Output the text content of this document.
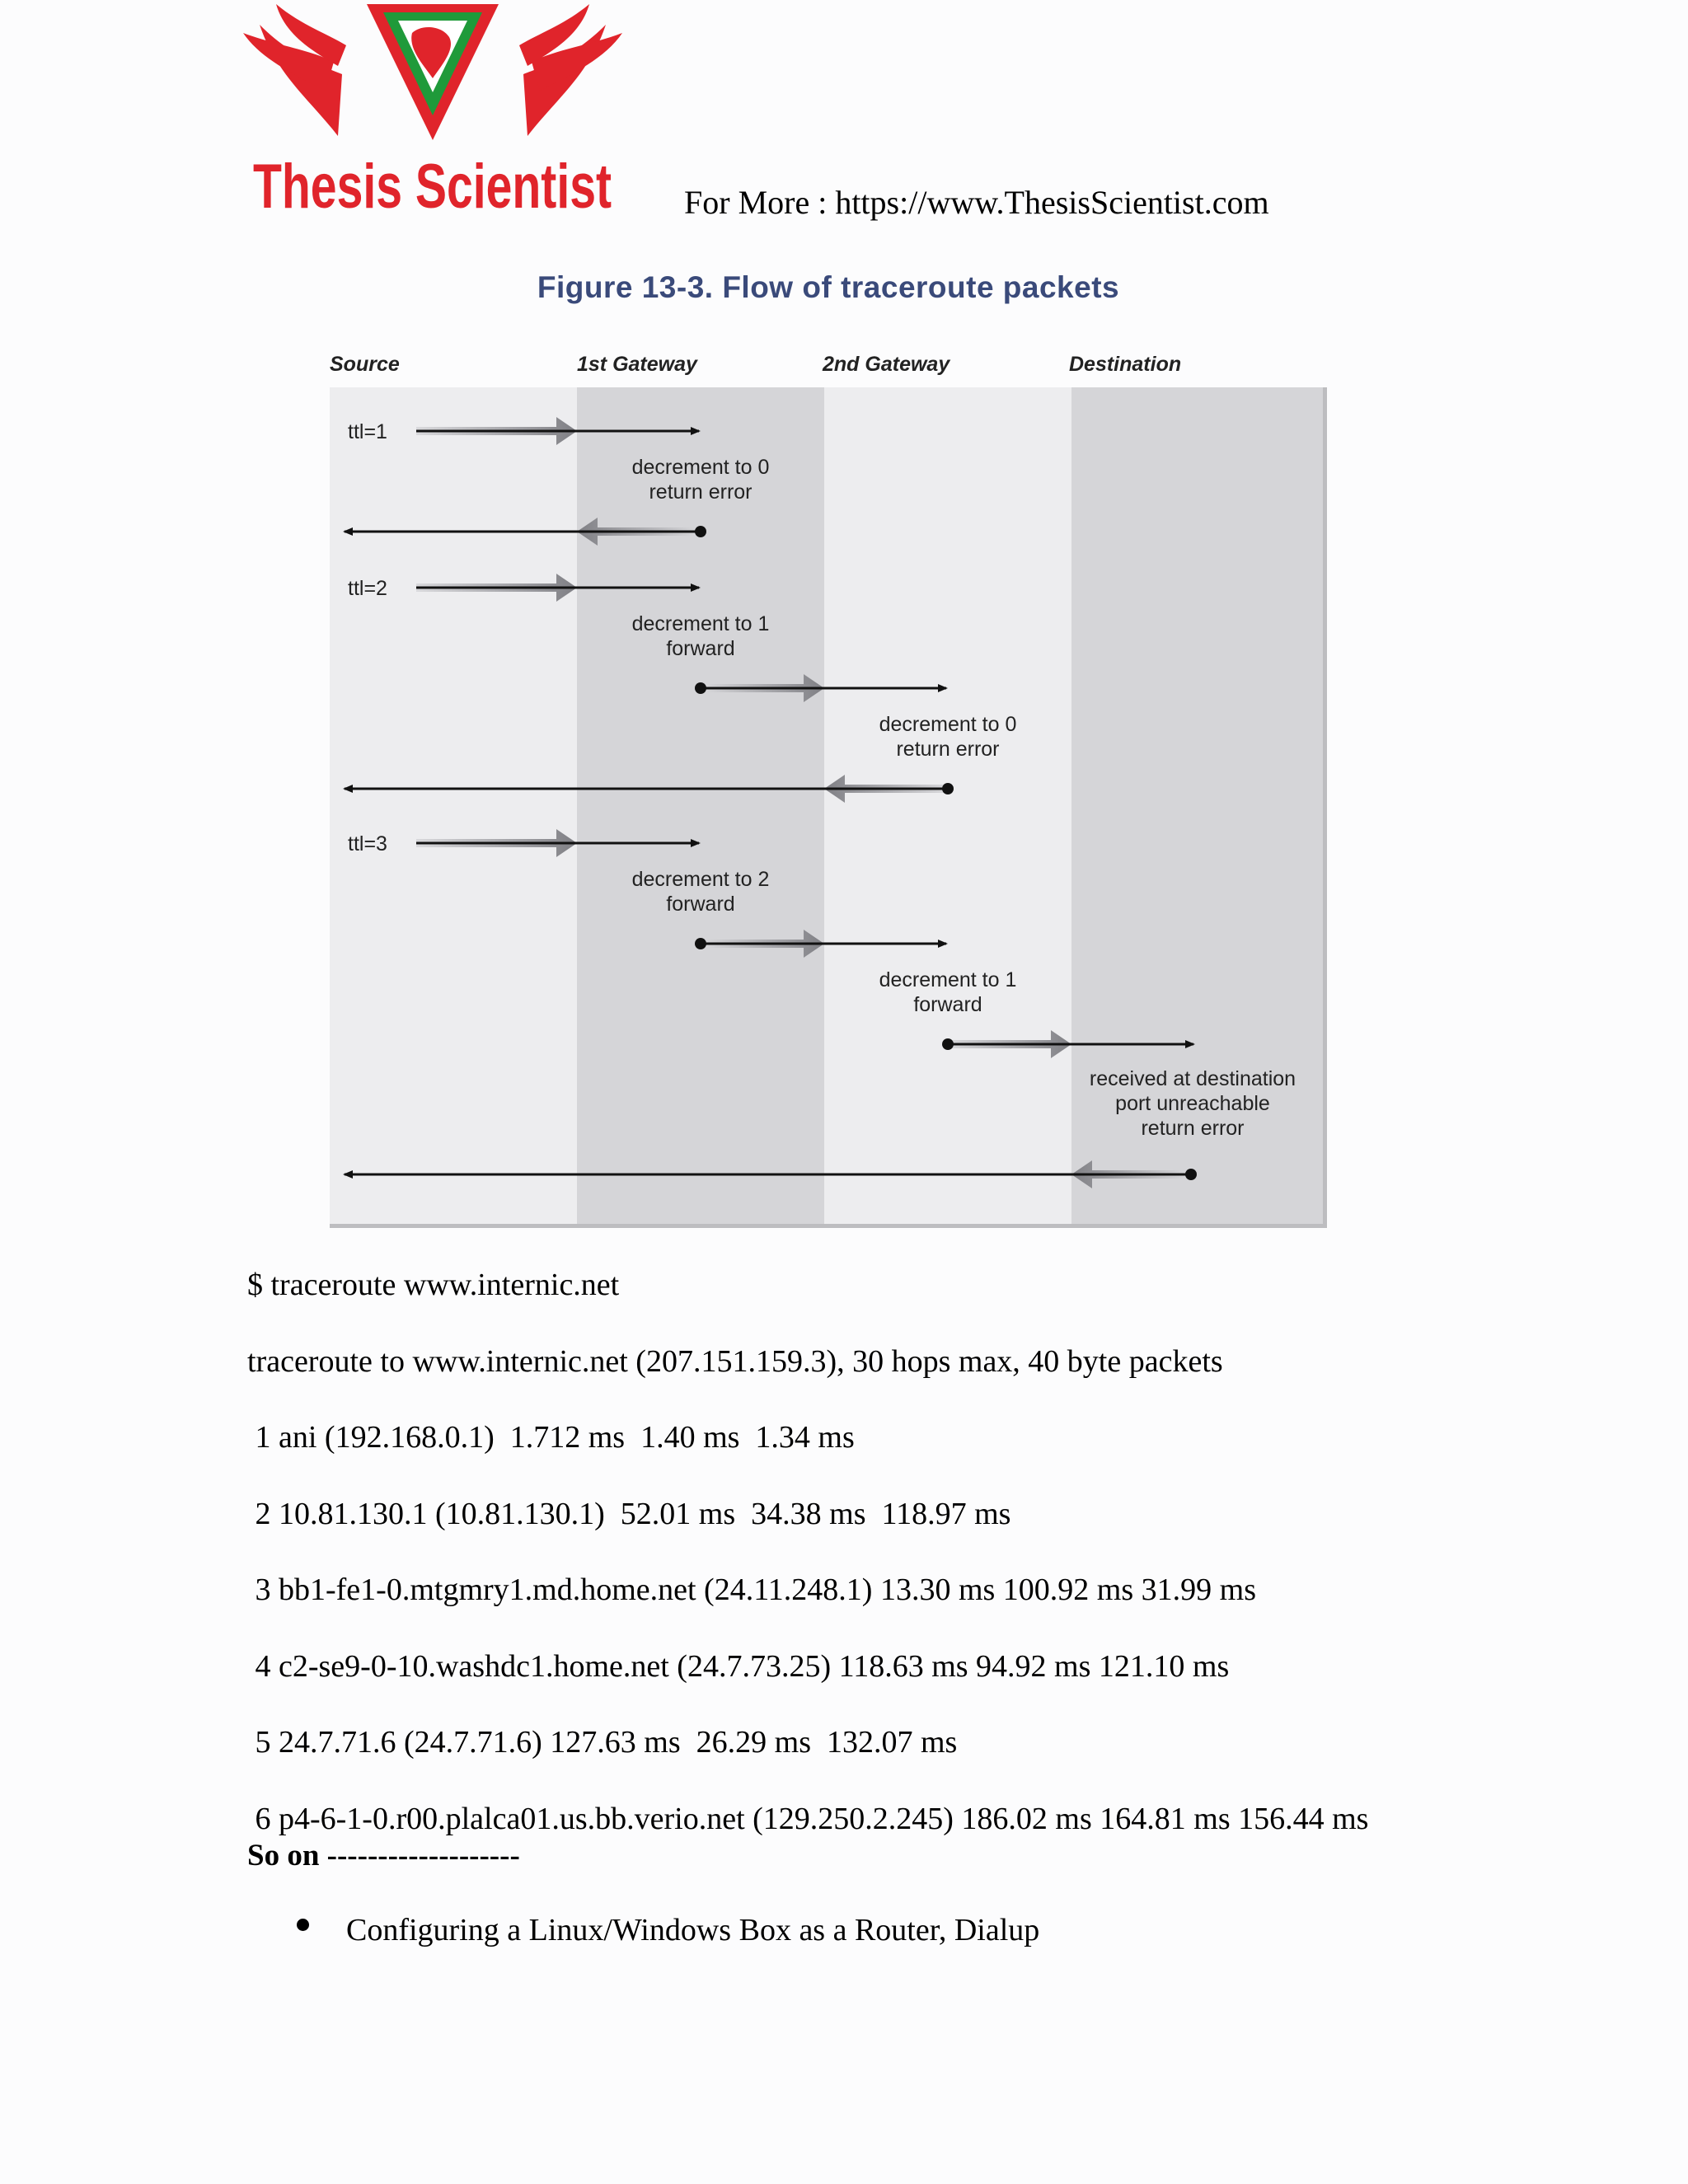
Thesis Scientist For More : https://www.ThesisScientist.com
Figure 13-3. Flow of traceroute packets
Source	1st Gateway	2nd Gateway	Destination
ttl=1
decrement to 0
return error
ttl=2
decrement to 1
forward
decrement to 0
return error
ttl=3
decrement to 2
forward
decrement to 1
forward
received at destination
port unreachable
return error
$ traceroute www.internic.net
traceroute to www.internic.net (207.151.159.3), 30 hops max, 40 byte packets
1 ani (192.168.0.1)  1.712 ms  1.40 ms  1.34 ms
2 10.81.130.1 (10.81.130.1)  52.01 ms  34.38 ms  118.97 ms
3 bb1-fe1-0.mtgmry1.md.home.net (24.11.248.1) 13.30 ms 100.92 ms 31.99 ms
4 c2-se9-0-10.washdc1.home.net (24.7.73.25) 118.63 ms 94.92 ms 121.10 ms
5 24.7.71.6 (24.7.71.6) 127.63 ms  26.29 ms  132.07 ms
6 p4-6-1-0.r00.plalca01.us.bb.verio.net (129.250.2.245) 186.02 ms 164.81 ms 156.44 ms
So on -------------------
Configuring a Linux/Windows Box as a Router, Dialup
